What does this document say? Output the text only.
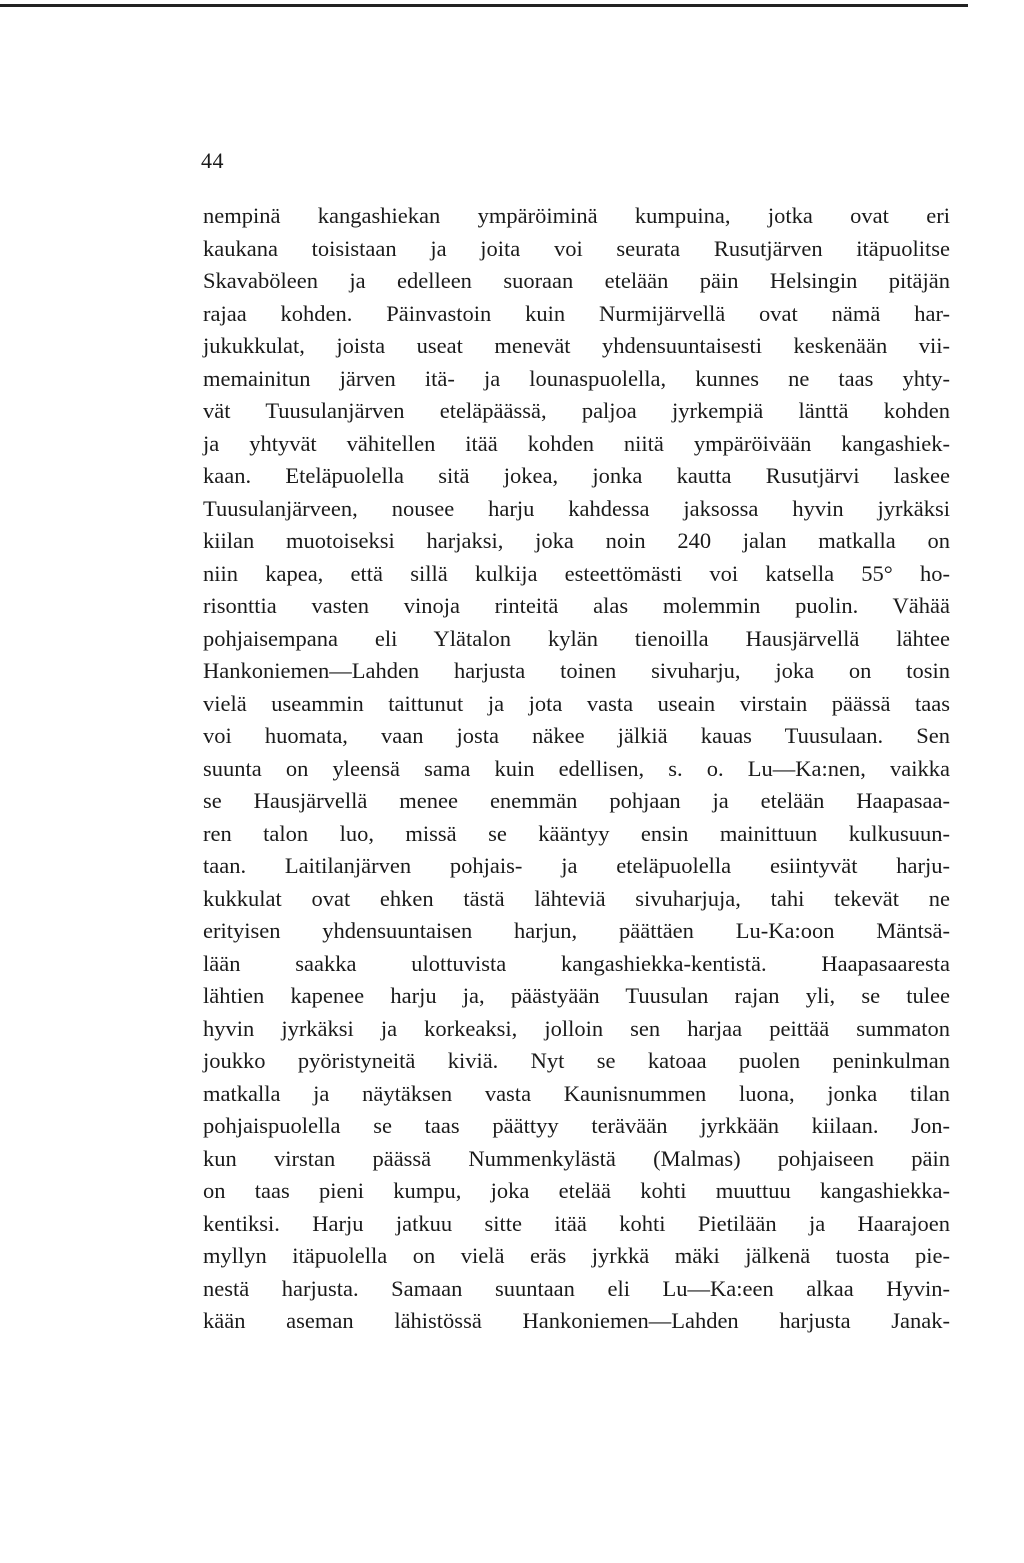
44
nempinä kangashiekan ympäröiminä kumpuina, jotka ovat eri
kaukana toisistaan ja joita voi seurata Rusutjärven itäpuolitse
Skavaböleen ja edelleen suoraan etelään päin Helsingin pitäjän
rajaa kohden. Päinvastoin kuin Nurmijärvellä ovat nämä har-
jukukkulat, joista useat menevät yhdensuuntaisesti keskenään vii-
memainitun järven itä- ja lounaspuolella, kunnes ne taas yhty-
vät Tuusulanjärven eteläpäässä, paljoa jyrkempiä länttä kohden
ja yhtyvät vähitellen itää kohden niitä ympäröivään kangashiek-
kaan. Eteläpuolella sitä jokea, jonka kautta Rusutjärvi laskee
Tuusulanjärveen, nousee harju kahdessa jaksossa hyvin jyrkäksi
kiilan muotoiseksi harjaksi, joka noin 240 jalan matkalla on
niin kapea, että sillä kulkija esteettömästi voi katsella 55° ho-
risonttia vasten vinoja rinteitä alas molemmin puolin. Vähää
pohjaisempana eli Ylätalon kylän tienoilla Hausjärvellä lähtee
Hankoniemen—Lahden harjusta toinen sivuharju, joka on tosin
vielä useammin taittunut ja jota vasta useain virstain päässä taas
voi huomata, vaan josta näkee jälkiä kauas Tuusulaan. Sen
suunta on yleensä sama kuin edellisen, s. o. Lu—Ka:nen, vaikka
se Hausjärvellä menee enemmän pohjaan ja etelään Haapasaa-
ren talon luo, missä se kääntyy ensin mainittuun kulkusuun-
taan. Laitilanjärven pohjais- ja eteläpuolella esiintyvät harju-
kukkulat ovat ehken tästä lähteviä sivuharjuja, tahi tekevät ne
erityisen yhdensuuntaisen harjun, päättäen Lu-Ka:oon Mäntsä-
lään saakka ulottuvista kangashiekka-kentistä. Haapasaaresta
lähtien kapenee harju ja, päästyään Tuusulan rajan yli, se tulee
hyvin jyrkäksi ja korkeaksi, jolloin sen harjaa peittää summaton
joukko pyöristyneitä kiviä. Nyt se katoaa puolen peninkulman
matkalla ja näytäksen vasta Kaunisnummen luona, jonka tilan
pohjaispuolella se taas päättyy terävään jyrkkään kiilaan. Jon-
kun virstan päässä Nummenkylästä (Malmas) pohjaiseen päin
on taas pieni kumpu, joka etelää kohti muuttuu kangashiekka-
kentiksi. Harju jatkuu sitte itää kohti Pietilään ja Haarajoen
myllyn itäpuolella on vielä eräs jyrkkä mäki jälkenä tuosta pie-
nestä harjusta. Samaan suuntaan eli Lu—Ka:een alkaa Hyvin-
kään aseman lähistössä Hankoniemen—Lahden harjusta Janak-
